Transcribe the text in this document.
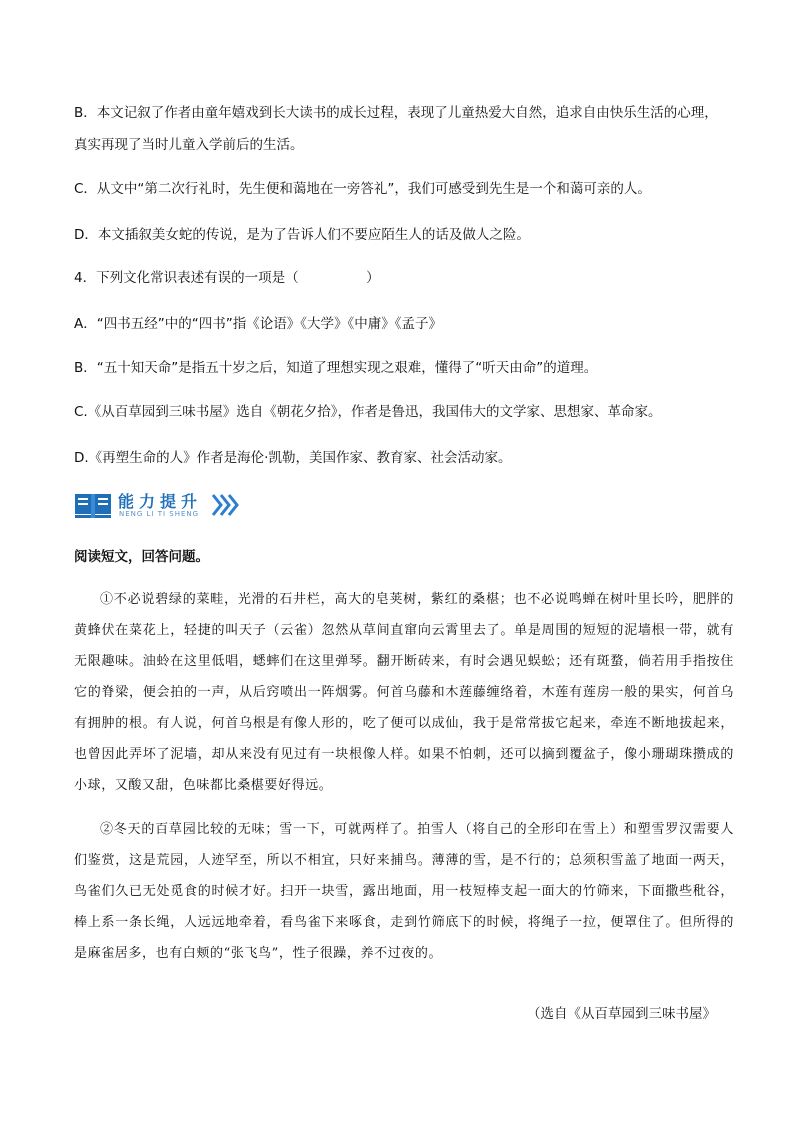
B．本文记叙了作者由童年嬉戏到长大读书的成长过程，表现了儿童热爱大自然，追求自由快乐生活的心理，
真实再现了当时儿童入学前后的生活。
C．从文中“第二次行礼时，先生便和蔼地在一旁答礼”，我们可感受到先生是一个和蔼可亲的人。
D．本文插叙美女蛇的传说，是为了告诉人们不要应陌生人的话及做人之险。
4．下列文化常识表述有误的一项是（　　　　　）
A．“四书五经”中的“四书”指《论语》《大学》《中庸》《孟子》
B．“五十知天命”是指五十岁之后，知道了理想实现之艰难，懂得了“听天由命”的道理。
C.《从百草园到三味书屋》选自《朝花夕拾》，作者是鲁迅，我国伟大的文学家、思想家、革命家。
D.《再塑生命的人》作者是海伦·凯勒，美国作家、教育家、社会活动家。
能力提升
NENG LI TI SHENG
阅读短文，回答问题。
①不必说碧绿的菜畦，光滑的石井栏，高大的皂荚树，紫红的桑椹；也不必说鸣蝉在树叶里长吟，肥胖的黄蜂伏在菜花上，轻捷的叫天子（云雀）忽然从草间直窜向云霄里去了。单是周围的短短的泥墙根一带，就有无限趣味。油蛉在这里低唱，蟋蟀们在这里弹琴。翻开断砖来，有时会遇见蜈蚣；还有斑蝥，倘若用手指按住它的脊梁，便会拍的一声，从后窍喷出一阵烟雾。何首乌藤和木莲藤缠络着，木莲有莲房一般的果实，何首乌有拥肿的根。有人说，何首乌根是有像人形的，吃了便可以成仙，我于是常常拔它起来，牵连不断地拔起来，也曾因此弄坏了泥墙，却从来没有见过有一块根像人样。如果不怕刺，还可以摘到覆盆子，像小珊瑚珠攒成的小球，又酸又甜，色味都比桑椹要好得远。
②冬天的百草园比较的无味；雪一下，可就两样了。拍雪人（将自己的全形印在雪上）和塑雪罗汉需要人们鉴赏，这是荒园，人迹罕至，所以不相宜，只好来捕鸟。薄薄的雪，是不行的；总须积雪盖了地面一两天，鸟雀们久已无处觅食的时候才好。扫开一块雪，露出地面，用一枝短棒支起一面大的竹筛来，下面撒些秕谷，棒上系一条长绳，人远远地牵着，看鸟雀下来啄食，走到竹筛底下的时候，将绳子一拉，便罩住了。但所得的是麻雀居多，也有白颊的“张飞鸟”，性子很躁，养不过夜的。
（选自《从百草园到三味书屋》
